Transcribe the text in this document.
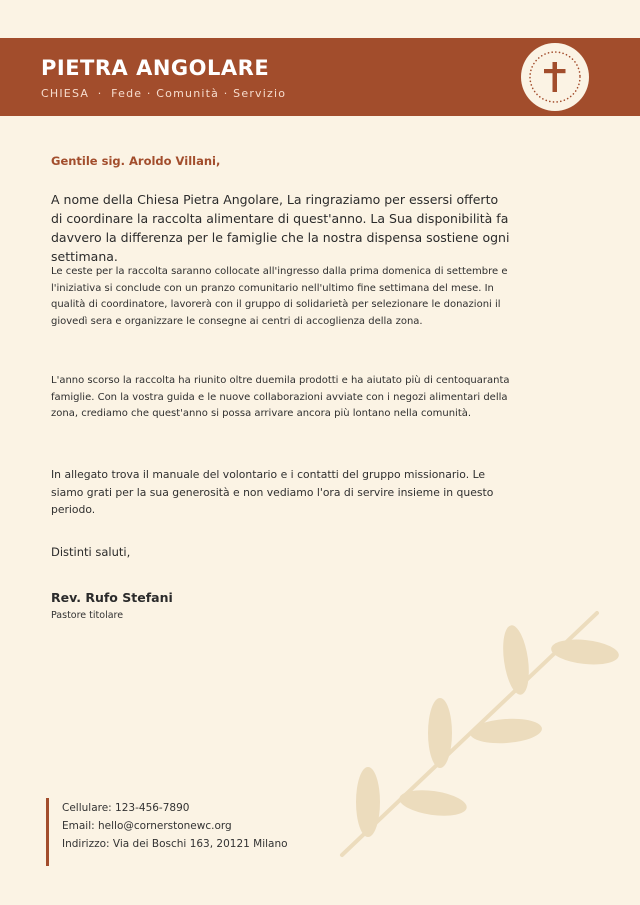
PIETRA ANGOLARE
CHIESA · Fede · Comunità · Servizio
Gentile sig. Aroldo Villani,
A nome della Chiesa Pietra Angolare, La ringraziamo per essersi offerto di coordinare la raccolta alimentare di quest'anno. La Sua disponibilità fa davvero la differenza per le famiglie che la nostra dispensa sostiene ogni settimana.
Le ceste per la raccolta saranno collocate all'ingresso dalla prima domenica di settembre e l'iniziativa si conclude con un pranzo comunitario nell'ultimo fine settimana del mese. In qualità di coordinatore, lavorerà con il gruppo di solidarietà per selezionare le donazioni il giovedì sera e organizzare le consegne ai centri di accoglienza della zona.
L'anno scorso la raccolta ha riunito oltre duemila prodotti e ha aiutato più di centoquaranta famiglie. Con la vostra guida e le nuove collaborazioni avviate con i negozi alimentari della zona, crediamo che quest'anno si possa arrivare ancora più lontano nella comunità.
In allegato trova il manuale del volontario e i contatti del gruppo missionario. Le siamo grati per la sua generosità e non vediamo l'ora di servire insieme in questo periodo.
Distinti saluti,
Rev. Rufo Stefani
Pastore titolare
Cellulare: 123-456-7890
Email: hello@cornerstonewc.org
Indirizzo: Via dei Boschi 163, 20121 Milano
